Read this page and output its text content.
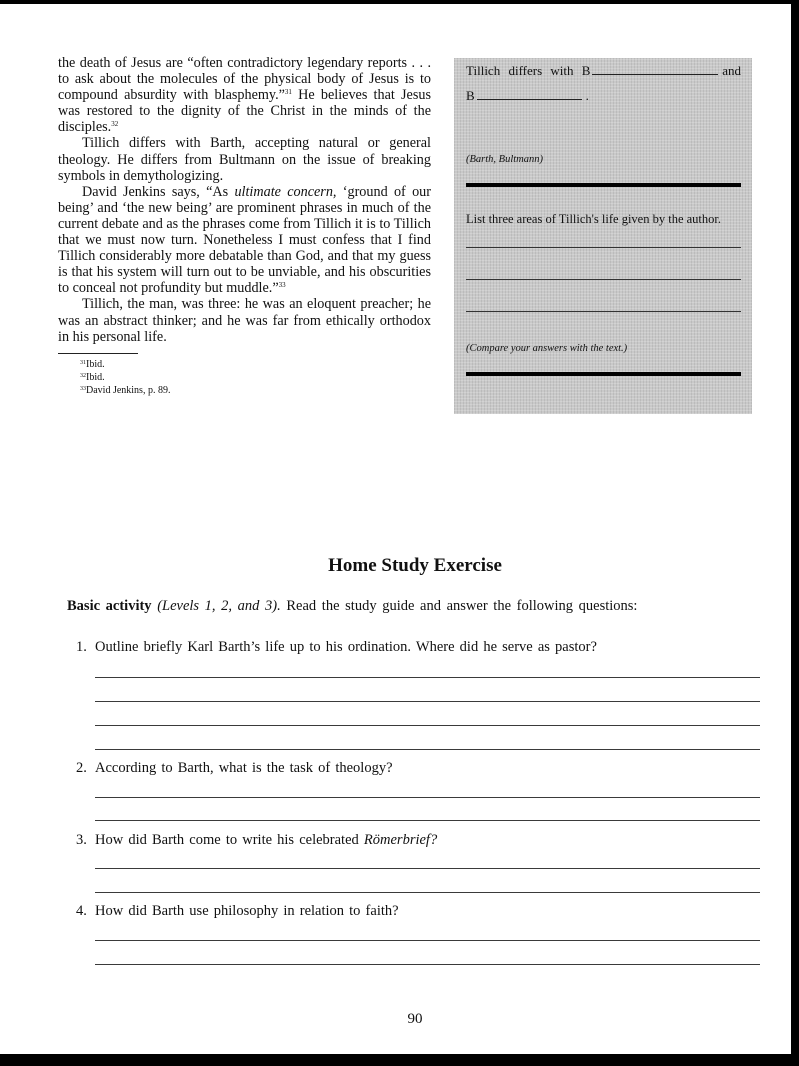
the death of Jesus are “often contradictory legendary reports . . . to ask about the molecules of the physical body of Jesus is to compound absurdity with blasphemy.”$^{31}$ He believes that Jesus was restored to the dignity of the Christ in the minds of the disciples.$^{32}$

Tillich differs with Barth, accepting natural or general theology. He differs from Bultmann on the issue of breaking symbols in demythologizing.

David Jenkins says, “As ultimate concern, ‘ground of our being’ and ‘the new being’ are prominent phrases in much of the current debate and as the phrases come from Tillich it is to Tillich that we must now turn. Nonetheless I must confess that I find Tillich considerably more debatable than God, and that my guess is that his system will turn out to be unviable, and his obscurities to conceal not profundity but muddle.”$^{33}$

Tillich, the man, was three: he was an eloquent preacher; he was an abstract thinker; and he was far from ethically orthodox in his personal life.

$^{31}$Ibid.
$^{32}$Ibid.
$^{33}$David Jenkins, p. 89.
Tillich differs with B	and
B	.
(Barth, Bultmann)
List three areas of Tillich's life given by the author.
(Compare your answers with the text.)
Home Study Exercise
Basic activity (Levels 1, 2, and 3). Read the study guide and answer the following questions:
1. Outline briefly Karl Barth’s life up to his ordination. Where did he serve as pastor?
2. According to Barth, what is the task of theology?
3. How did Barth come to write his celebrated Römerbrief?
4. How did Barth use philosophy in relation to faith?
90
